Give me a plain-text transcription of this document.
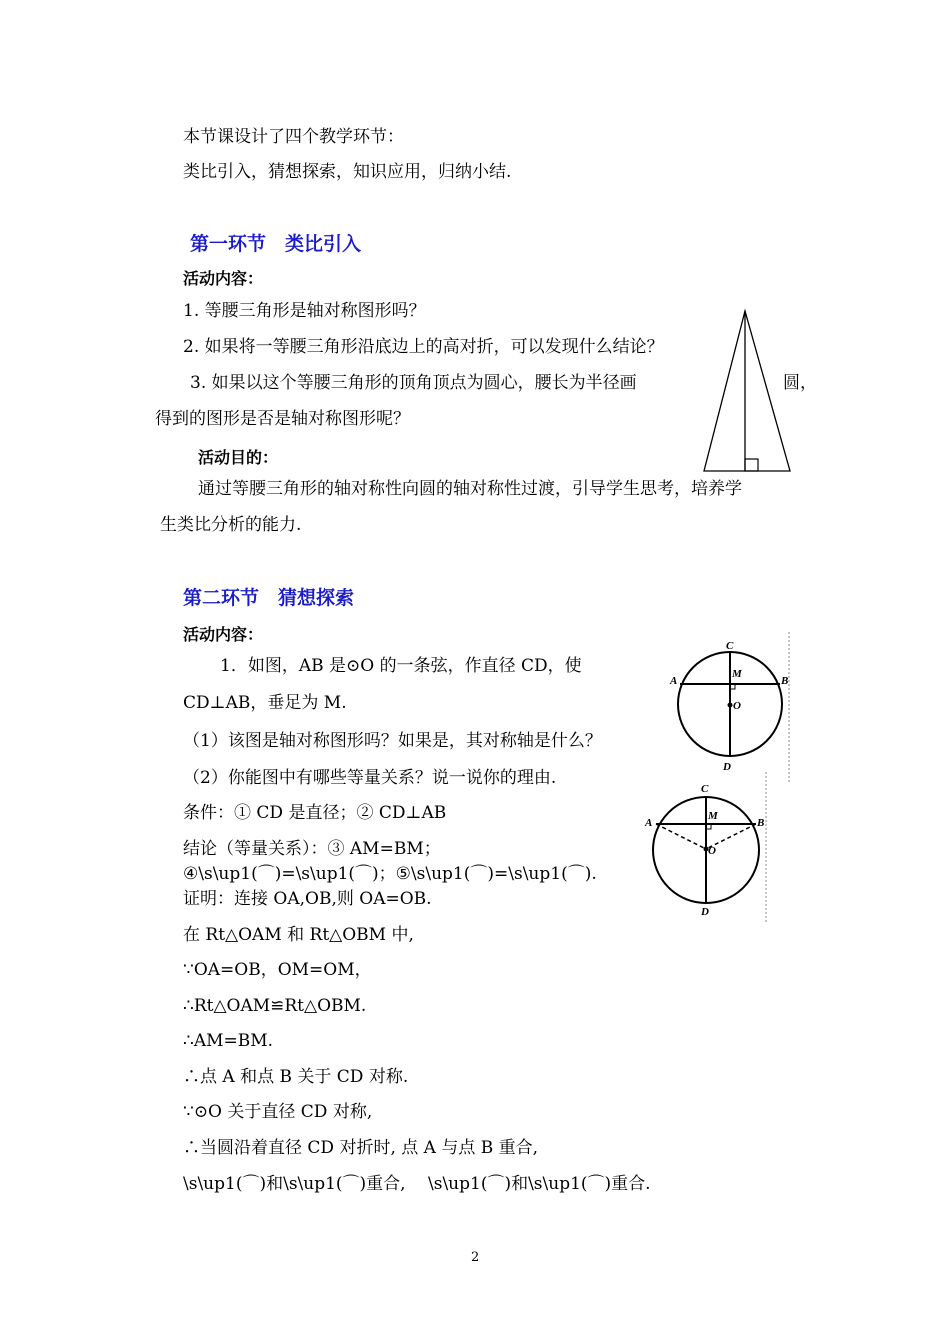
本节课设计了四个教学环节：
类比引入，猜想探索，知识应用，归纳小结.
第一环节　类比引入
活动内容：
1. 等腰三角形是轴对称图形吗？
2. 如果将一等腰三角形沿底边上的高对折，可以发现什么结论？
3. 如果以这个等腰三角形的顶角顶点为圆心，腰长为半径画	圆，
得到的图形是否是轴对称图形呢？
活动目的：
通过等腰三角形的轴对称性向圆的轴对称性过渡，引导学生思考，培养学
生类比分析的能力.
第二环节　猜想探索
活动内容：
1．如图，AB 是⊙O 的一条弦，作直径 CD，使
CD⊥AB，垂足为 M.
（1）该图是轴对称图形吗？如果是，其对称轴是什么？
（2）你能图中有哪些等量关系？说一说你的理由.
条件：① CD 是直径；② CD⊥AB
结论（等量关系）：③ AM=BM；
④\s\up1(⌒)=\s\up1(⌒)；⑤\s\up1(⌒)=\s\up1(⌒).
证明：连接 OA,OB,则 OA=OB.
在 Rt△OAM 和 Rt△OBM 中,
∵OA=OB，OM=OM，
∴Rt△OAM≌Rt△OBM.
∴AM=BM.
∴点 A 和点 B 关于 CD 对称.
∵⊙O 关于直径 CD 对称,
∴当圆沿着直径 CD 对折时, 点 A 与点 B 重合,
\s\up1(⌒)和\s\up1(⌒)重合,　 \s\up1(⌒)和\s\up1(⌒)重合.
C
A	B
M
O
D
C
A	B
M
O
D
2
